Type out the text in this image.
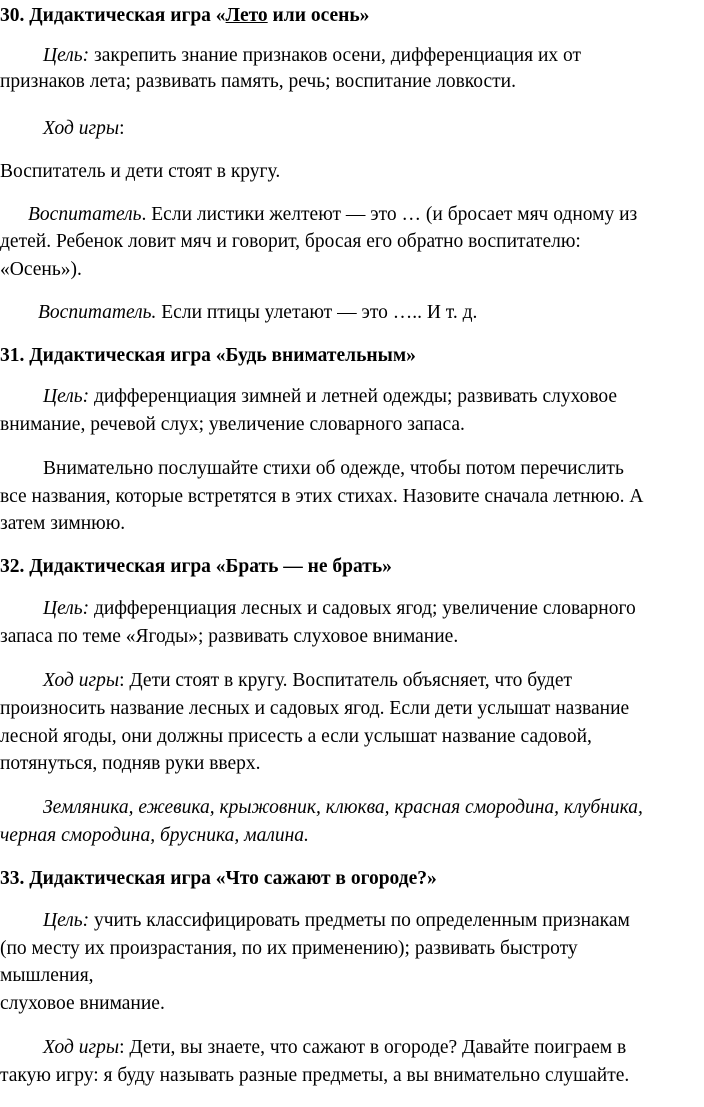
30. Дидактическая игра «Лето или осень»
Цель: закрепить знание признаков осени, дифференциация их от
признаков лета; развивать память, речь; воспитание ловкости.
Ход игры:
Воспитатель и дети стоят в кругу.
Воспитатель. Если листики желтеют — это … (и бросает мяч одному из
детей. Ребенок ловит мяч и говорит, бросая его обратно воспитателю:
«Осень»).
Воспитатель. Если птицы улетают — это ….. И т. д.
31. Дидактическая игра «Будь внимательным»
Цель: дифференциация зимней и летней одежды; развивать слуховое
внимание, речевой слух; увеличение словарного запаса.
Внимательно послушайте стихи об одежде, чтобы потом перечислить
все названия, которые встретятся в этих стихах. Назовите сначала летнюю. А
затем зимнюю.
32. Дидактическая игра «Брать — не брать»
Цель: дифференциация лесных и садовых ягод; увеличение словарного
запаса по теме «Ягоды»; развивать слуховое внимание.
Ход игры: Дети стоят в кругу. Воспитатель объясняет, что будет
произносить название лесных и садовых ягод. Если дети услышат название
лесной ягоды, они должны присесть а если услышат название садовой,
потянуться, подняв руки вверх.
Земляника, ежевика, крыжовник, клюква, красная смородина, клубника,
черная смородина, брусника, малина.
33. Дидактическая игра «Что сажают в огороде?»
Цель: учить классифицировать предметы по определенным признакам
(по месту их произрастания, по их применению); развивать быстроту
мышления,
слуховое внимание.
Ход игры: Дети, вы знаете, что сажают в огороде? Давайте поиграем в
такую игру: я буду называть разные предметы, а вы внимательно слушайте.
